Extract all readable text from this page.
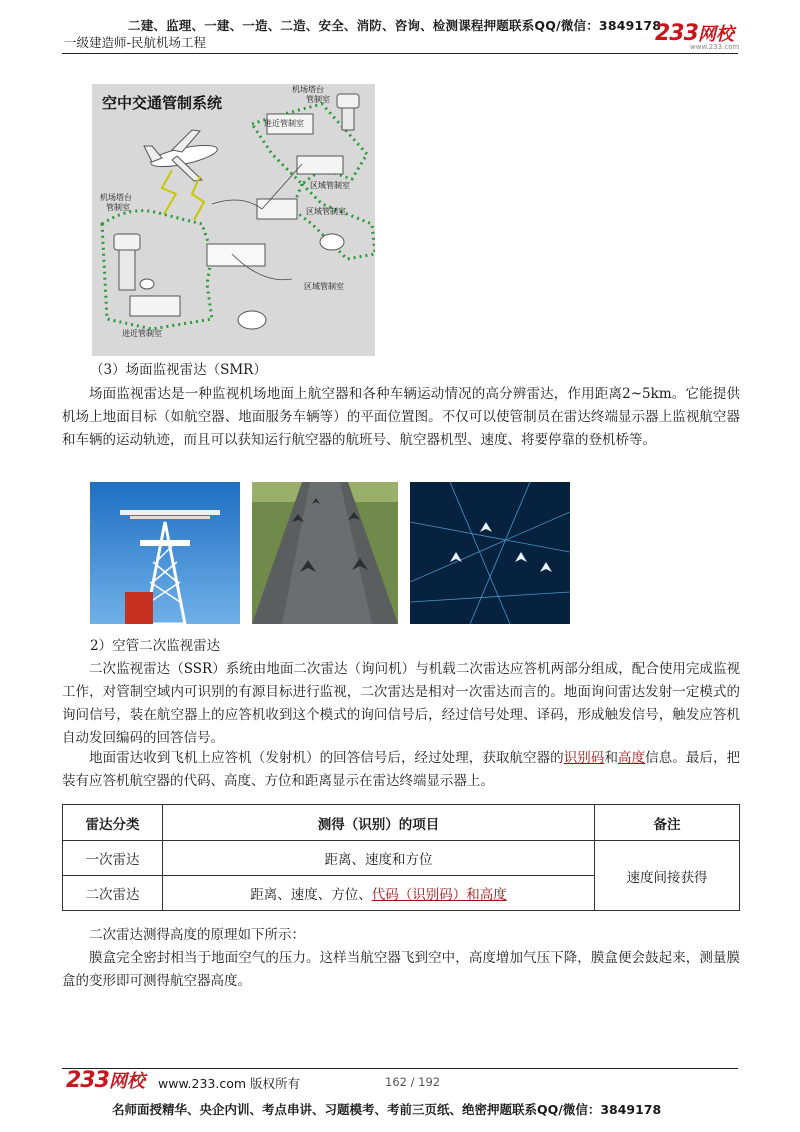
二建、监理、一建、一造、二造、安全、消防、咨询、检测课程押题联系QQ/微信：3849178
一级建造师-民航机场工程	233网校
www.233.com
空中交通管制系统
机场塔台
管制室
进近管制室
机场塔台
管制室
区域管制室
区域管制室
区域管制室
进近管制室
（3）场面监视雷达（SMR）
场面监视雷达是一种监视机场地面上航空器和各种车辆运动情况的高分辨雷达，作用距离2~5km。它能提供机场上地面目标（如航空器、地面服务车辆等）的平面位置图。不仅可以使管制员在雷达终端显示器上监视航空器和车辆的运动轨迹，而且可以获知运行航空器的航班号、航空器机型、速度、将要停靠的登机桥等。
2）空管二次监视雷达
二次监视雷达（SSR）系统由地面二次雷达（询问机）与机载二次雷达应答机两部分组成，配合使用完成监视工作，对管制空域内可识别的有源目标进行监视，二次雷达是相对一次雷达而言的。地面询问雷达发射一定模式的询问信号，装在航空器上的应答机收到这个模式的询问信号后，经过信号处理、译码，形成触发信号，触发应答机自动发回编码的回答信号。
地面雷达收到飞机上应答机（发射机）的回答信号后，经过处理，获取航空器的识别码和高度信息。最后，把装有应答机航空器的代码、高度、方位和距离显示在雷达终端显示器上。
雷达分类	测得（识别）的项目	备注
一次雷达	距离、速度和方位	速度间接获得
二次雷达	距离、速度、方位、代码（识别码）和高度	
二次雷达测得高度的原理如下所示：
膜盒完全密封相当于地面空气的压力。这样当航空器飞到空中，高度增加气压下降，膜盒便会鼓起来，测量膜盒的变形即可测得航空器高度。
233网校 www.233.com 版权所有	162 / 192
名师面授精华、央企内训、考点串讲、习题模考、考前三页纸、绝密押题联系QQ/微信：3849178
